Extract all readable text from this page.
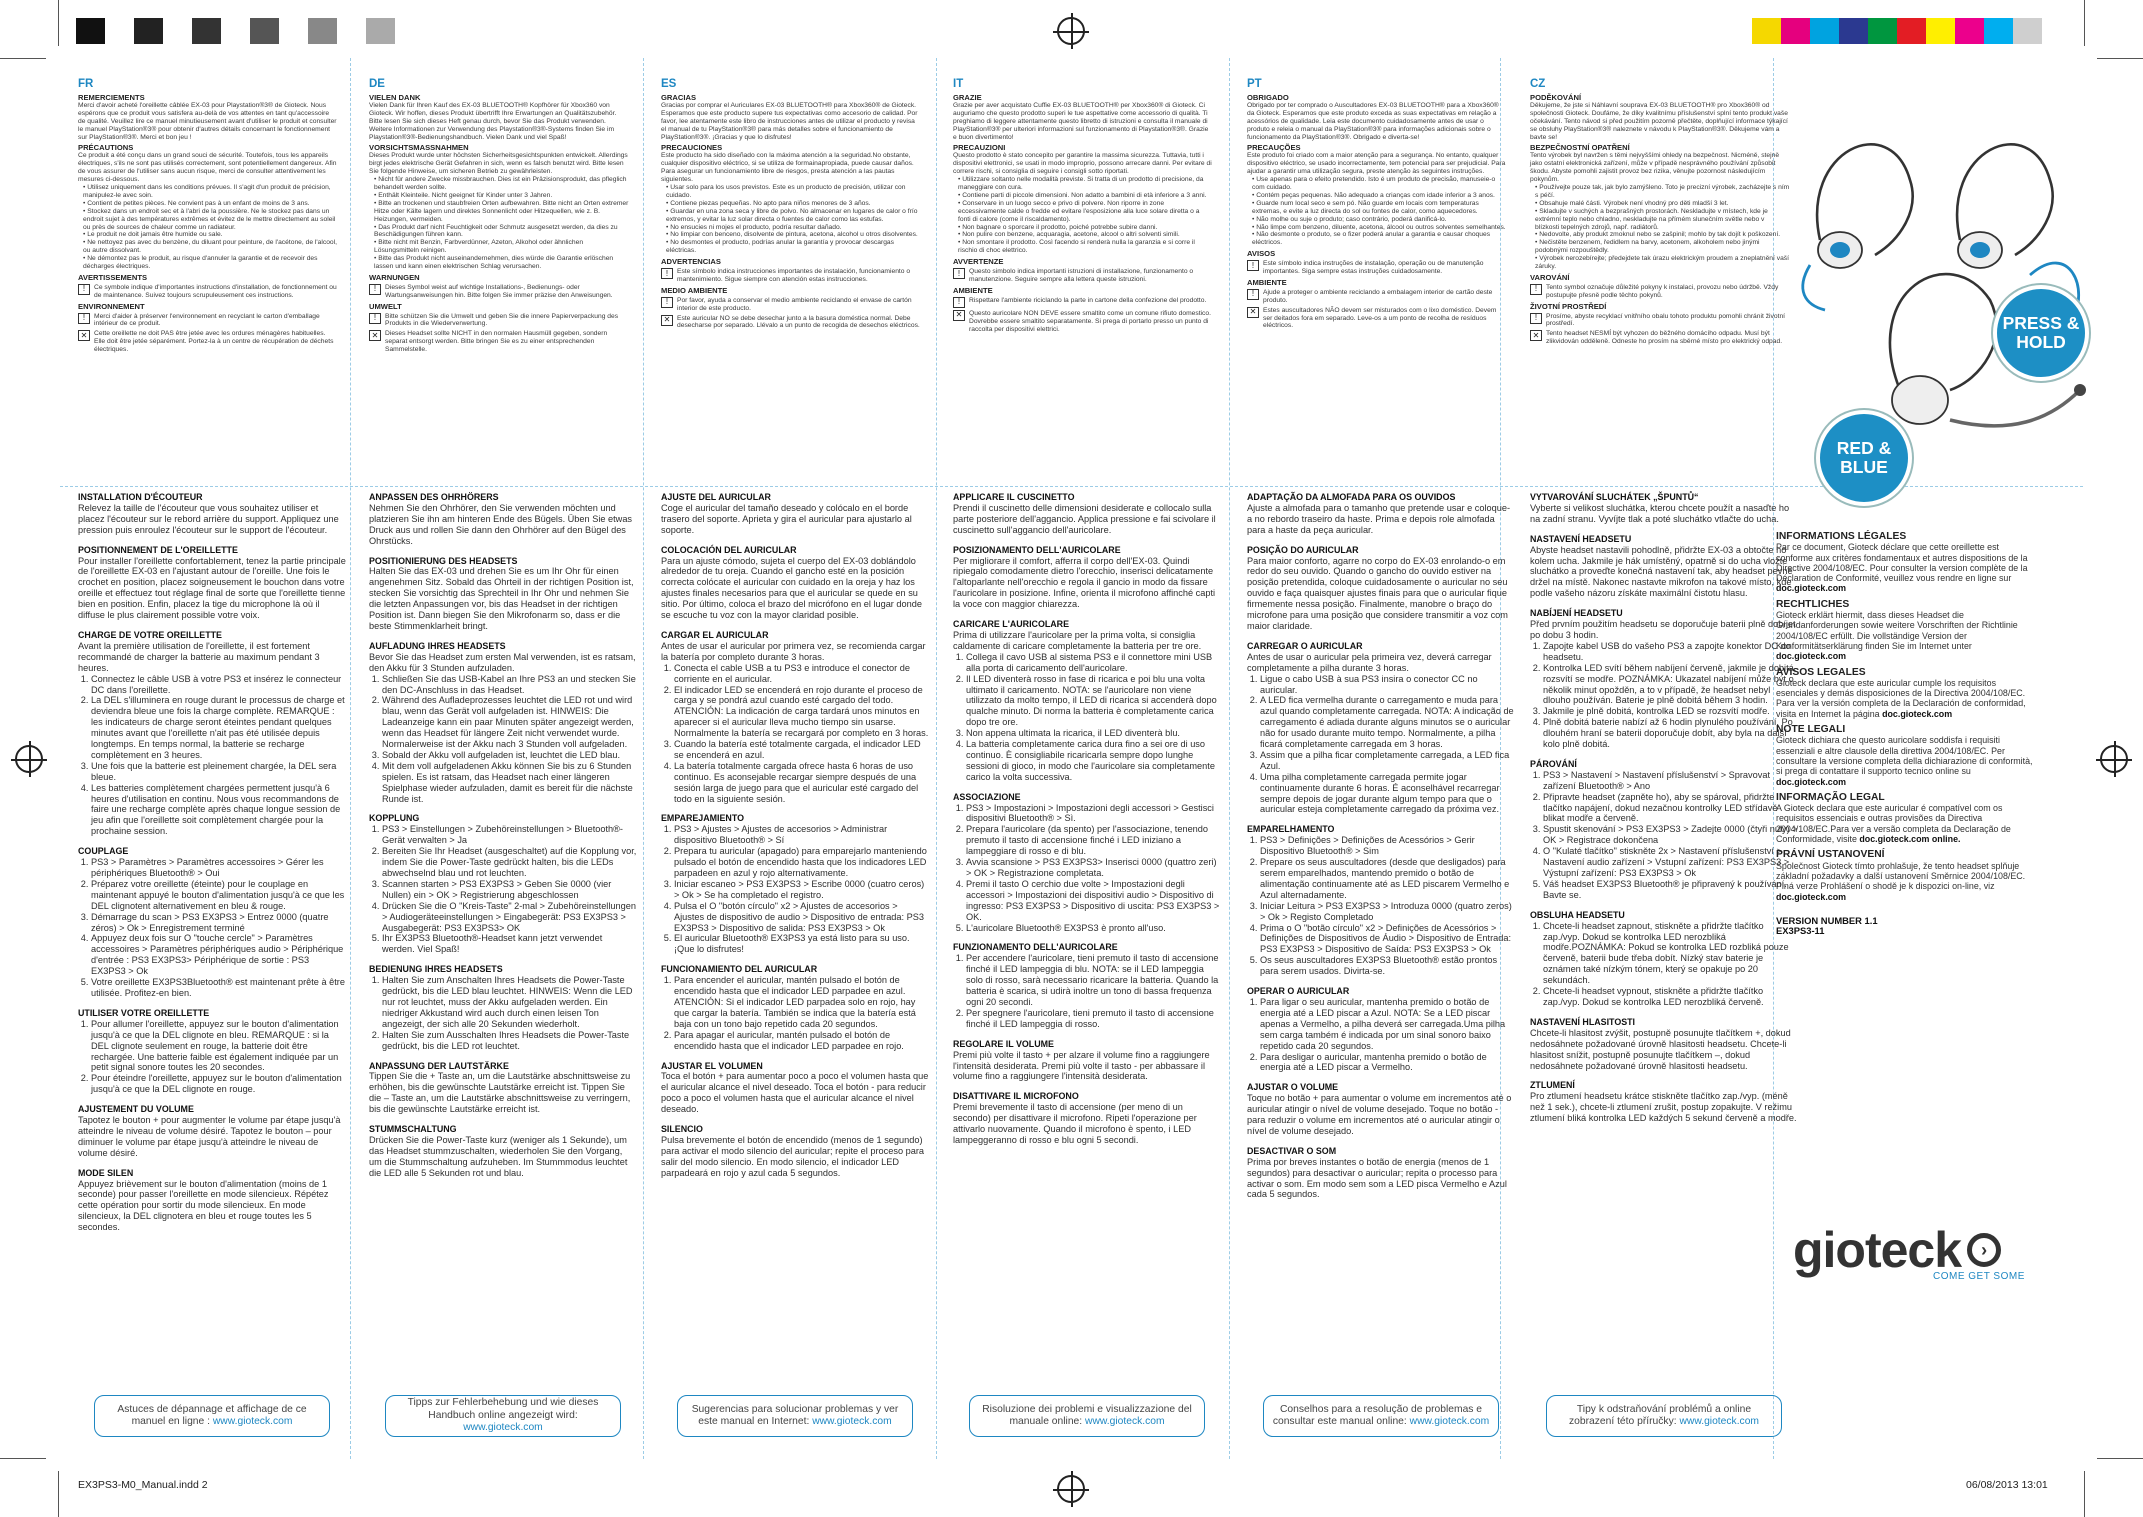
FR
REMERCIEMENTS

Merci d'avoir acheté l'oreillette câblée EX-03 pour Playstation®3® de Gioteck. Nous espérons que ce produit vous satisfera au-delà de vos attentes en tant qu'accessoire de qualité. Veuillez lire ce manuel minutieusement avant d'utiliser le produit et consulter le manuel PlayStation®3® pour obtenir d'autres détails concernant le fonctionnement sur PlayStation®3®. Merci et bon jeu !

PRÉCAUTIONS

Ce produit a été conçu dans un grand souci de sécurité. Toutefois, tous les appareils électriques, s'ils ne sont pas utilisés correctement, sont potentiellement dangereux. Afin de vous assurer de l'utiliser sans aucun risque, merci de consulter attentivement les mesures ci-dessous.

• Utilisez uniquement dans les conditions prévues. Il s'agit d'un produit de précision, manipulez-le avec soin.
• Contient de petites pièces. Ne convient pas à un enfant de moins de 3 ans.
• Stockez dans un endroit sec et à l'abri de la poussière. Ne le stockez pas dans un endroit sujet à des températures extrêmes et évitez de le mettre directement au soleil ou près de sources de chaleur comme un radiateur.
• Le produit ne doit jamais être humide ou sale.
• Ne nettoyez pas avec du benzène, du diluant pour peinture, de l'acétone, de l'alcool, ou autre dissolvant.
• Ne démontez pas le produit, au risque d'annuler la garantie et de recevoir des décharges électriques.
AVERTISSEMENTS
!	Ce symbole indique d'importantes instructions d'installation, de fonctionnement ou de maintenance. Suivez toujours scrupuleusement ces instructions.
ENVIRONNEMENT
!	Merci d'aider à préserver l'environnement en recyclant le carton d'emballage intérieur de ce produit.
✕ Cette oreillette ne doit PAS être jetée avec les ordures ménagères habituelles. Elle doit être jetée séparément. Portez-la à un centre de récupération de déchets électriques.
DE
VIELEN DANK

Vielen Dank für Ihren Kauf des EX-03 BLUETOOTH® Kopfhörer für Xbox360 von Gioteck. Wir hoffen, dieses Produkt übertrifft Ihre Erwartungen an Qualitätszubehör. Bitte lesen Sie sich dieses Heft genau durch, bevor Sie das Produkt verwenden. Weitere Informationen zur Verwendung des Playstation®3®-Systems finden Sie im Playstation®3®-Bedienungshandbuch. Vielen Dank und viel Spaß!

VORSICHTSMASSNAHMEN

Dieses Produkt wurde unter höchsten Sicherheitsgesichtspunkten entwickelt. Allerdings birgt jedes elektrische Gerät Gefahren in sich, wenn es falsch benutzt wird. Bitte lesen Sie folgende Hinweise, um sicheren Betrieb zu gewährleisten.

• Nicht für andere Zwecke missbrauchen. Dies ist ein Präzisionsprodukt, das pfleglich behandelt werden sollte.
• Enthält Kleinteile. Nicht geeignet für Kinder unter 3 Jahren.
• Bitte an trockenen und staubfreien Orten aufbewahren. Bitte nicht an Orten extremer Hitze oder Kälte lagern und direktes Sonnenlicht oder Hitzequellen, wie z. B. Heizungen, vermeiden.
• Das Produkt darf nicht Feuchtigkeit oder Schmutz ausgesetzt werden, da dies zu Beschädigungen führen kann.
• Bitte nicht mit Benzin, Farbverdünner, Azeton, Alkohol oder ähnlichen Lösungsmitteln reinigen.
• Bitte das Produkt nicht auseinandernehmen, dies würde die Garantie erlöschen lassen und kann einen elektrischen Schlag verursachen.
WARNUNGEN
!	Dieses Symbol weist auf wichtige Installations-, Bedienungs- oder Wartungsanweisungen hin. Bitte folgen Sie immer präzise den Anweisungen.
UMWELT
!	Bitte schützen Sie die Umwelt und geben Sie die innere Papierverpackung des Produkts in die Wiederverwertung.
✕ Dieses Headset sollte NICHT in den normalen Hausmüll gegeben, sondern separat entsorgt werden. Bitte bringen Sie es zu einer entsprechenden Sammelstelle.
ES
GRACIAS

Gracias por comprar el Auriculares EX-03 BLUETOOTH® para Xbox360® de Gioteck. Esperamos que este producto supere tus expectativas como accesorio de calidad. Por favor, lee atentamente este libro de instrucciones antes de utilizar el producto y revisa el manual de tu PlayStation®3® para más detalles sobre el funcionamiento de PlayStation®3®. ¡Gracias y que lo disfrutes!

PRECAUCIONES

Este producto ha sido diseñado con la máxima atención a la seguridad.No obstante, cualquier dispositivo eléctrico, si se utiliza de formainapropiada, puede causar daños. Para asegurar un funcionamiento libre de riesgos, presta atención a las pautas siguientes.

• Usar solo para los usos previstos. Este es un producto de precisión, utilizar con cuidado.
• Contiene piezas pequeñas. No apto para niños menores de 3 años.
• Guardar en una zona seca y libre de polvo. No almacenar en lugares de calor o frío extremos, y evitar la luz solar directa o fuentes de calor como las estufas.
• No ensucies ni mojes el producto, podría resultar dañado.
• No limpiar con benceno, disolvente de pintura, acetona, alcohol u otros disolventes.
• No desmontes el producto, podrías anular la garantía y provocar descargas eléctricas.
ADVERTENCIAS
!	Este símbolo indica instrucciones importantes de instalación, funcionamiento o mantenimiento. Sigue siempre con atención estas instrucciones.
MEDIO AMBIENTE
!	Por favor, ayuda a conservar el medio ambiente reciclando el envase de cartón interior de este producto.
✕ Este auricular NO se debe desechar junto a la basura doméstica normal. Debe desecharse por separado. Llévalo a un punto de recogida de desechos eléctricos.
IT
GRAZIE

Grazie per aver acquistato Cuffie EX-03 BLUETOOTH® per Xbox360® di Gioteck. Ci auguriamo che questo prodotto superi le tue aspettative come accessorio di qualità. Ti preghiamo di leggere attentamente questo libretto di istruzioni e consulta il manuale di PlayStation®3® per ulteriori informazioni sul funzionamento di Playstation®3®. Grazie e buon divertimento!

PRECAUZIONI

Questo prodotto è stato concepito per garantire la massima sicurezza. Tuttavia, tutti i dispositivi elettronici, se usati in modo improprio, possono arrecare danni. Per evitare di correre rischi, si consiglia di seguire i consigli sotto riportati.

• Utilizzare soltanto nelle modalità previste. Si tratta di un prodotto di precisione, da maneggiare con cura.
• Contiene parti di piccole dimensioni. Non adatto a bambini di età inferiore a 3 anni.
• Conservare in un luogo secco e privo di polvere. Non riporre in zone eccessivamente calde o fredde ed evitare l'esposizione alla luce solare diretta o a fonti di calore (come il riscaldamento).
• Non bagnare o sporcare il prodotto, poiché potrebbe subire danni.
• Non pulire con benzene, acquaragia, acetone, alcool o altri solventi simili.
• Non smontare il prodotto. Così facendo si renderà nulla la garanzia e si corre il rischio di choc elettrico.
AVVERTENZE
!	Questo simbolo indica importanti istruzioni di installazione, funzionamento o manutenzione. Seguire sempre alla lettera queste istruzioni.
AMBIENTE
!	Rispettare l'ambiente riciclando la parte in cartone della confezione del prodotto.
✕ Questo auricolare NON DEVE essere smaltito come un comune rifiuto domestico. Dovrebbe essere smaltito separatamente. Si prega di portarlo presso un punto di raccolta per dispositivi elettrici.
PT
OBRIGADO

Obrigado por ter comprado o Auscultadores EX-03 BLUETOOTH® para a Xbox360® da Gioteck. Esperamos que este produto exceda as suas expectativas em relação a acessórios de qualidade. Leia este documento cuidadosamente antes de usar o produto e releia o manual da PlayStation®3® para informações adicionais sobre o funcionamento da PlayStation®3®. Obrigado e diverta-se!

PRECAUÇÕES

Este produto foi criado com a maior atenção para a segurança. No entanto, qualquer dispositivo eléctrico, se usado incorrectamente, tem potencial para ser prejudicial. Para ajudar a garantir uma utilização segura, preste atenção às seguintes instruções.

• Use apenas para o efeito pretendido. Isto é um produto de precisão, manuseie-o com cuidado.
• Contém peças pequenas. Não adequado a crianças com idade inferior a 3 anos.
• Guarde num local seco e sem pó. Não guarde em locais com temperaturas extremas, e evite a luz directa do sol ou fontes de calor, como aquecedores.
• Não molhe ou suje o produto; caso contrário, poderá danificá-lo.
• Não limpe com benzeno, diluente, acetona, álcool ou outros solventes semelhantes.
• Não desmonte o produto, se o fizer poderá anular a garantia e causar choques eléctricos.
AVISOS
!	Este símbolo indica instruções de instalação, operação ou de manutenção importantes. Siga sempre estas instruções cuidadosamente.
AMBIENTE
!	Ajude a proteger o ambiente reciclando a embalagem interior de cartão deste produto.
✕ Estes auscultadores NÃO devem ser misturados com o lixo doméstico. Devem ser deitados fora em separado. Leve-os a um ponto de recolha de resíduos eléctricos.
CZ
PODĚKOVÁNÍ

Děkujeme, že jste si Náhlavní souprava EX-03 BLUETOOTH® pro Xbox360® od společnosti Gioteck. Doufáme, že díky kvalitnímu příslušenství splní tento produkt vaše očekávání. Tento návod si před použitím pozorně přečtěte, doplňující informace týkající se obsluhy PlayStation®3® naleznete v návodu k PlayStation®3®. Děkujeme vám a bavte se!

BEZPEČNOSTNÍ OPATŘENÍ

Tento výrobek byl navržen s těmi nejvyššími ohledy na bezpečnost. Nicméně, stejně jako ostatní elektronická zařízení, může v případě nesprávného používání způsobit škodu. Abyste pomohli zajistit provoz bez rizika, věnujte pozornost následujícím pokynům.

• Používejte pouze tak, jak bylo zamýšleno. Toto je precizní výrobek, zacházejte s ním s péčí.
• Obsahuje malé části. Výrobek není vhodný pro děti mladší 3 let.
• Skladujte v suchých a bezprašných prostorách. Neskladujte v místech, kde je extrémní teplo nebo chladno, neskladujte na přímém slunečním světle nebo v blízkosti tepelných zdrojů, např. radiátorů.
• Nedovolte, aby produkt zmoknul nebo se zašpinil; mohlo by tak dojít k poškození.
• Nečistěte benzenem, ředidlem na barvy, acetonem, alkoholem nebo jinými podobnými rozpouštědly.
• Výrobek nerozebírejte; předejdete tak úrazu elektrickým proudem a zneplatnění vaší záruky.
VAROVÁNÍ
!	Tento symbol označuje důležité pokyny k instalaci, provozu nebo údržbě. Vždy postupujte přesně podle těchto pokynů.
ŽIVOTNÍ PROSTŘEDÍ
!	Prosíme, abyste recyklací vnitřního obalu tohoto produktu pomohli chránit životní prostředí.
✕ Tento headset NESMÍ být vyhozen do běžného domácího odpadu. Musí být zlikvidován odděleně. Odneste ho prosím na sběrné místo pro elektrický odpad.
INSTALLATION D'ÉCOUTEUR

Relevez la taille de l'écouteur que vous souhaitez utiliser et placez l'écouteur sur le rebord arrière du support. Appliquez une pression puis enroulez l'écouteur sur le support de l'écouteur.

POSITIONNEMENT DE L'OREILLETTE

Pour installer l'oreillette confortablement, tenez la partie principale de l'oreillette EX-03 en l'ajustant autour de l'oreille. Une fois le crochet en position, placez soigneusement le bouchon dans votre oreille et effectuez tout réglage final de sorte que l'oreillette tienne bien en position. Enfin, placez la tige du microphone là où il diffuse le plus clairement possible votre voix.

CHARGE DE VOTRE OREILLETTE

Avant la première utilisation de l'oreillette, il est fortement recommandé de charger la batterie au maximum pendant 3 heures.

1. Connectez le câble USB à votre PS3 et insérez le connecteur DC dans l'oreillette.
2. La DEL s'illuminera en rouge durant le processus de charge et deviendra bleue une fois la charge complète. REMARQUE : les indicateurs de charge seront éteintes pendant quelques minutes avant que l'oreillette n'ait pas été utilisée depuis longtemps. En temps normal, la batterie se recharge complètement en 3 heures.
3. Une fois que la batterie est pleinement chargée, la DEL sera bleue.
4. Les batteries complètement chargées permettent jusqu'à 6 heures d'utilisation en continu. Nous vous recommandons de faire une recharge complète après chaque longue session de jeu afin que l'oreillette soit complètement chargée pour la prochaine session.
COUPLAGE
1. PS3 > Paramètres > Paramètres accessoires > Gérer les périphériques Bluetooth® > Oui
2. Préparez votre oreillette (éteinte) pour le couplage en maintenant appuyé le bouton d'alimentation jusqu'à ce que les DEL clignotent alternativement en bleu & rouge.
3. Démarrage du scan > PS3 EX3PS3 > Entrez 0000 (quatre zéros) > Ok > Enregistrement terminé
4. Appuyez deux fois sur O "touche cercle" > Paramètres accessoires > Paramètres périphériques audio > Périphérique d'entrée : PS3 EX3PS3> Périphérique de sortie : PS3 EX3PS3 > Ok
5. Votre oreillette EX3PS3Bluetooth® est maintenant prête à être utilisée. Profitez-en bien.
UTILISER VOTRE OREILLETTE
1. Pour allumer l'oreillette, appuyez sur le bouton d'alimentation jusqu'à ce que la DEL clignote en bleu. REMARQUE : si la DEL clignote seulement en rouge, la batterie doit être rechargée. Une batterie faible est également indiquée par un petit signal sonore toutes les 20 secondes.
2. Pour éteindre l'oreillette, appuyez sur le bouton d'alimentation jusqu'à ce que la DEL clignote en rouge.
AJUSTEMENT DU VOLUME

Tapotez le bouton + pour augmenter le volume par étape jusqu'à atteindre le niveau de volume désiré. Tapotez le bouton – pour diminuer le volume par étape jusqu'à atteindre le niveau de volume désiré.

MODE SILEN

Appuyez brièvement sur le bouton d'alimentation (moins de 1 seconde) pour passer l'oreillette en mode silencieux. Répétez cette opération pour sortir du mode silencieux. En mode silencieux, la DEL clignotera en bleu et rouge toutes les 5 secondes.

ANPASSEN DES OHRHÖRERS

Nehmen Sie den Ohrhörer, den Sie verwenden möchten und platzieren Sie ihn am hinteren Ende des Bügels. Üben Sie etwas Druck aus und rollen Sie dann den Ohrhörer auf den Bügel des Ohrstücks.

POSITIONIERUNG DES HEADSETS

Halten Sie das EX-03 und drehen Sie es um Ihr Ohr für einen angenehmen Sitz. Sobald das Ohrteil in der richtigen Position ist, stecken Sie vorsichtig das Sprechteil in Ihr Ohr und nehmen Sie die letzten Anpassungen vor, bis das Headset in der richtigen Position ist. Dann biegen Sie den Mikrofonarm so, dass er die beste Stimmenklarheit bringt.

AUFLADUNG IHRES HEADSETS

Bevor Sie das Headset zum ersten Mal verwenden, ist es ratsam, den Akku für 3 Stunden aufzuladen.

1. Schließen Sie das USB-Kabel an Ihre PS3 an und stecken Sie den DC-Anschluss in das Headset.
2. Während des Aufladeprozesses leuchtet die LED rot und wird blau, wenn das Gerät voll aufgeladen ist. HINWEIS: Die Ladeanzeige kann ein paar Minuten später angezeigt werden, wenn das Headset für längere Zeit nicht verwendet wurde. Normalerweise ist der Akku nach 3 Stunden voll aufgeladen.
3. Sobald der Akku voll aufgeladen ist, leuchtet die LED blau.
4. Mit dem voll aufgeladenen Akku können Sie bis zu 6 Stunden spielen. Es ist ratsam, das Headset nach einer längeren Spielphase wieder aufzuladen, damit es bereit für die nächste Runde ist.
KOPPLUNG
1. PS3 > Einstellungen > Zubehöreinstellungen > Bluetooth®-Gerät verwalten > Ja
2. Bereiten Sie Ihr Headset (ausgeschaltet) auf die Kopplung vor, indem Sie die Power-Taste gedrückt halten, bis die LEDs abwechselnd blau und rot leuchten.
3. Scannen starten > PS3 EX3PS3 > Geben Sie 0000 (vier Nullen) ein > OK > Registrierung abgeschlossen
4. Drücken Sie die O "Kreis-Taste" 2-mal > Zubehöreinstellungen > Audiogeräteeinstellungen > Eingabegerät: PS3 EX3PS3 > Ausgabegerät: PS3 EX3PS3> OK
5. Ihr EX3PS3 Bluetooth®-Headset kann jetzt verwendet werden. Viel Spaß!
BEDIENUNG IHRES HEADSETS
1. Halten Sie zum Anschalten Ihres Headsets die Power-Taste gedrückt, bis die LED blau leuchtet. HINWEIS: Wenn die LED nur rot leuchtet, muss der Akku aufgeladen werden. Ein niedriger Akkustand wird auch durch einen leisen Ton angezeigt, der sich alle 20 Sekunden wiederholt.
2. Halten Sie zum Ausschalten Ihres Headsets die Power-Taste gedrückt, bis die LED rot leuchtet.
ANPASSUNG DER LAUTSTÄRKE

Tippen Sie die + Taste an, um die Lautstärke abschnittsweise zu erhöhen, bis die gewünschte Lautstärke erreicht ist. Tippen Sie die – Taste an, um die Lautstärke abschnittsweise zu verringern, bis die gewünschte Lautstärke erreicht ist.

STUMMSCHALTUNG

Drücken Sie die Power-Taste kurz (weniger als 1 Sekunde), um das Headset stummzuschalten, wiederholen Sie den Vorgang, um die Stummschaltung aufzuheben. Im Stummmodus leuchtet die LED alle 5 Sekunden rot und blau.

AJUSTE DEL AURICULAR

Coge el auricular del tamaño deseado y colócalo en el borde trasero del soporte. Aprieta y gira el auricular para ajustarlo al soporte.

COLOCACIÓN DEL AURICULAR

Para un ajuste cómodo, sujeta el cuerpo del EX-03 doblándolo alrededor de tu oreja. Cuando el gancho esté en la posición correcta colócate el auricular con cuidado en la oreja y haz los ajustes finales necesarios para que el auricular se quede en su sitio. Por último, coloca el brazo del micrófono en el lugar donde se escuche tu voz con la mayor claridad posible.

CARGAR EL AURICULAR

Antes de usar el auricular por primera vez, se recomienda cargar la batería por completo durante 3 horas.

1. Conecta el cable USB a tu PS3 e introduce el conector de corriente en el auricular.
2. El indicador LED se encenderá en rojo durante el proceso de carga y se pondrá azul cuando esté cargado del todo. ATENCIÓN: La indicación de carga tardará unos minutos en aparecer si el auricular lleva mucho tiempo sin usarse. Normalmente la batería se recargará por completo en 3 horas.
3. Cuando la batería esté totalmente cargada, el indicador LED se encenderá en azul.
4. La batería totalmente cargada ofrece hasta 6 horas de uso continuo. Es aconsejable recargar siempre después de una sesión larga de juego para que el auricular esté cargado del todo en la siguiente sesión.
EMPAREJAMIENTO
1. PS3 > Ajustes > Ajustes de accesorios > Administrar dispositivo Bluetooth® > Sí
2. Prepara tu auricular (apagado) para emparejarlo manteniendo pulsado el botón de encendido hasta que los indicadores LED parpadeen en azul y rojo alternativamente.
3. Iniciar escaneo > PS3 EX3PS3 > Escribe 0000 (cuatro ceros) > Ok > Se ha completado el registro.
4. Pulsa el O "botón círculo" x2 > Ajustes de accesorios > Ajustes de dispositivo de audio > Dispositivo de entrada: PS3 EX3PS3 > Dispositivo de salida: PS3 EX3PS3 > Ok
5. El auricular Bluetooth® EX3PS3 ya está listo para su uso. ¡Que lo disfrutes!
FUNCIONAMIENTO DEL AURICULAR
1. Para encender el auricular, mantén pulsado el botón de encendido hasta que el indicador LED parpadee en azul. ATENCIÓN: Si el indicador LED parpadea solo en rojo, hay que cargar la batería. También se indica que la batería está baja con un tono bajo repetido cada 20 segundos.
2. Para apagar el auricular, mantén pulsado el botón de encendido hasta que el indicador LED parpadee en rojo.
AJUSTAR EL VOLUMEN

Toca el botón + para aumentar poco a poco el volumen hasta que el auricular alcance el nivel deseado. Toca el botón - para reducir poco a poco el volumen hasta que el auricular alcance el nivel deseado.

SILENCIO

Pulsa brevemente el botón de encendido (menos de 1 segundo) para activar el modo silencio del auricular; repite el proceso para salir del modo silencio. En modo silencio, el indicador LED parpadeará en rojo y azul cada 5 segundos.

APPLICARE IL CUSCINETTO

Prendi il cuscinetto delle dimensioni desiderate e collocalo sulla parte posteriore dell'aggancio. Applica pressione e fai scivolare il cuscinetto sull'aggancio dell'auricolare.

POSIZIONAMENTO DELL'AURICOLARE

Per migliorare il comfort, afferra il corpo dell'EX-03. Quindi ripiegalo comodamente dietro l'orecchio, inserisci delicatamente l'altoparlante nell'orecchio e regola il gancio in modo da fissare l'auricolare in posizione. Infine, orienta il microfono affinché capti la voce con maggior chiarezza.

CARICARE L'AURICOLARE

Prima di utilizzare l'auricolare per la prima volta, si consiglia caldamente di caricare completamente la batteria per tre ore.

1. Collega il cavo USB al sistema PS3 e il connettore mini USB alla porta di caricamento dell'auricolare.
2. Il LED diventerà rosso in fase di ricarica e poi blu una volta ultimato il caricamento. NOTA: se l'auricolare non viene utilizzato da molto tempo, il LED di ricarica si accenderà dopo qualche minuto. Di norma la batteria è completamente carica dopo tre ore.
3. Non appena ultimata la ricarica, il LED diventerà blu.
4. La batteria completamente carica dura fino a sei ore di uso continuo. È consigliabile ricaricarla sempre dopo lunghe sessioni di gioco, in modo che l'auricolare sia completamente carico la volta successiva.
ASSOCIAZIONE
1. PS3 > Impostazioni > Impostazioni degli accessori > Gestisci dispositivi Bluetooth® > Sì.
2. Prepara l'auricolare (da spento) per l'associazione, tenendo premuto il tasto di accensione finché i LED iniziano a lampeggiare di rosso e di blu.
3. Avvia scansione > PS3 EX3PS3> Inserisci 0000 (quattro zeri) > OK > Registrazione completata.
4. Premi il tasto O cerchio due volte > Impostazioni degli accessori > Impostazioni dei dispositivi audio > Dispositivo di ingresso: PS3 EX3PS3 > Dispositivo di uscita: PS3 EX3PS3 > OK.
5. L'auricolare Bluetooth® EX3PS3 è pronto all'uso.
FUNZIONAMENTO DELL'AURICOLARE
1. Per accendere l'auricolare, tieni premuto il tasto di accensione finché il LED lampeggia di blu. NOTA: se il LED lampeggia solo di rosso, sarà necessario ricaricare la batteria. Quando la batteria è scarica, si udirà inoltre un tono di bassa frequenza ogni 20 secondi.
2. Per spegnere l'auricolare, tieni premuto il tasto di accensione finché il LED lampeggia di rosso.
REGOLARE IL VOLUME

Premi più volte il tasto + per alzare il volume fino a raggiungere l'intensità desiderata. Premi più volte il tasto - per abbassare il volume fino a raggiungere l'intensità desiderata.

DISATTIVARE IL MICROFONO

Premi brevemente il tasto di accensione (per meno di un secondo) per disattivare il microfono. Ripeti l'operazione per attivarlo nuovamente. Quando il microfono è spento, i LED lampeggeranno di rosso e blu ogni 5 secondi.

ADAPTAÇÃO DA ALMOFADA PARA OS OUVIDOS

Ajuste a almofada para o tamanho que pretende usar e coloque-a no rebordo traseiro da haste. Prima e depois role almofada para a haste da peça auricular.

POSIÇÃO DO AURICULAR

Para maior conforto, agarre no corpo do EX-03 enrolando-o em redor do seu ouvido. Quando o gancho do ouvido estiver na posição pretendida, coloque cuidadosamente o auricular no seu ouvido e faça quaisquer ajustes finais para que o auricular fique firmemente nessa posição. Finalmente, manobre o braço do microfone para uma posição que considere transmitir a voz com maior claridade.

CARREGAR O AURICULAR

Antes de usar o auricular pela primeira vez, deverá carregar completamente a pilha durante 3 horas.

1. Ligue o cabo USB à sua PS3 insira o conector CC no auricular.
2. A LED fica vermelha durante o carregamento e muda para azul quando completamente carregada. NOTA: A indicação de carregamento é adiada durante alguns minutos se o auricular não for usado durante muito tempo. Normalmente, a pilha ficará completamente carregada em 3 horas.
3. Assim que a pilha ficar completamente carregada, a LED fica Azul.
4. Uma pilha completamente carregada permite jogar continuamente durante 6 horas. É aconselhável recarregar sempre depois de jogar durante algum tempo para que o auricular esteja completamente carregado da próxima vez.
EMPARELHAMENTO
1. PS3 > Definições > Definições de Acessórios > Gerir Dispositivo Bluetooth® > Sim
2. Prepare os seus auscultadores (desde que desligados) para serem emparelhados, mantendo premido o botão de alimentação continuamente até as LED piscarem Vermelho e Azul alternadamente.
3. Iniciar Leitura > PS3 EX3PS3 > Introduza 0000 (quatro zeros) > Ok > Registo Completado
4. Prima o O "botão círculo" x2 > Definições de Acessórios > Definições de Dispositivos de Áudio > Dispositivo de Entrada: PS3 EX3PS3 > Dispositivo de Saída: PS3 EX3PS3 > Ok
5. Os seus auscultadores EX3PS3 Bluetooth® estão prontos para serem usados. Divirta-se.
OPERAR O AURICULAR
1. Para ligar o seu auricular, mantenha premido o botão de energia até a LED piscar a Azul. NOTA: Se a LED piscar apenas a Vermelho, a pilha deverá ser carregada.Uma pilha sem carga também é indicada por um sinal sonoro baixo repetido cada 20 segundos.
2. Para desligar o auricular, mantenha premido o botão de energia até a LED piscar a Vermelho.
AJUSTAR O VOLUME

Toque no botão + para aumentar o volume em incrementos até o auricular atingir o nível de volume desejado. Toque no botão - para reduzir o volume em incrementos até o auricular atingir o nível de volume desejado.

DESACTIVAR O SOM

Prima por breves instantes o botão de energia (menos de 1 segundos) para desactivar o auricular; repita o processo para activar o som. Em modo sem som a LED pisca Vermelho e Azul cada 5 segundos.

VYTVAROVÁNÍ SLUCHÁTEK „ŠPUNTŮ“

Vyberte si velikost sluchátka, kterou chcete použít a nasaďte ho na zadní stranu. Vyvíjte tlak a poté sluchátko vtlačte do ucha.

NASTAVENÍ HEADSETU

Abyste headset nastavili pohodlně, přidržte EX-03 a obtočte ho kolem ucha. Jakmile je hák umístěný, opatrně si do ucha vložte sluchátko a proveďte konečná nastavení tak, aby headset pevně držel na místě. Nakonec nastavte mikrofon na takové místo, kde podle vašeho názoru získáte maximální čistotu hlasu.

NABÍJENÍ HEADSETU

Před prvním použitím headsetu se doporučuje baterii plně dobíjet po dobu 3 hodin.

1. Zapojte kabel USB do vašeho PS3 a zapojte konektor DC do headsetu.
2. Kontrolka LED svítí během nabíjení červeně, jakmile je dobitá, rozsvítí se modře. POZNÁMKA: Ukazatel nabíjení může být o několik minut opožděn, a to v případě, že headset nebyl dlouho používán. Baterie je plně dobitá během 3 hodin.
3. Jakmile je plně dobitá, kontrolka LED se rozsvítí modře.
4. Plně dobitá baterie nabízí až 6 hodin plynulého používání. Po dlouhém hraní se baterii doporučuje dobít, aby byla na další kolo plně dobitá.
PÁROVÁNÍ
1. PS3 > Nastavení > Nastavení příslušenství > Spravovat zařízení Bluetooth® > Ano
2. Připravte headset (zapněte ho), aby se spároval, přidržte tlačítko napájení, dokud nezačnou kontrolky LED střídavě blikat modře a červeně.
3. Spustit skenování > PS3 EX3PS3 > Zadejte 0000 (čtyři nuly) > OK > Registrace dokončena
4. O "Kulaté tlačítko" stiskněte 2x > Nastavení příslušenství > Nastavení audio zařízení > Vstupní zařízení: PS3 EX3PS3 > Výstupní zařízení: PS3 EX3PS3 > Ok
5. Váš headset EX3PS3 Bluetooth® je připravený k používání. Bavte se.
OBSLUHA HEADSETU
1. Chcete-li headset zapnout, stiskněte a přidržte tlačítko zap./vyp. Dokud se kontrolka LED nerozbliká modře.POZNÁMKA: Pokud se kontrolka LED rozbliká pouze červeně, baterii bude třeba dobít. Nízký stav baterie je oznámen také nízkým tónem, který se opakuje po 20 sekundách.
2. Chcete-li headset vypnout, stiskněte a přidržte tlačítko zap./vyp. Dokud se kontrolka LED nerozbliká červeně.
NASTAVENÍ HLASITOSTI

Chcete-li hlasitost zvýšit, postupně posunujte tlačítkem +, dokud nedosáhnete požadované úrovně hlasitosti headsetu. Chcete-li hlasitost snížit, postupně posunujte tlačítkem –, dokud nedosáhnete požadované úrovně hlasitosti headsetu.

ZTLUMENÍ

Pro ztlumení headsetu krátce stiskněte tlačítko zap./vyp. (méně než 1 sek.), chcete-li ztlumení zrušit, postup zopakujte. V režimu ztlumení bliká kontrolka LED každých 5 sekund červeně a modře.

Astuces de dépannage et affichage de ce manuel en ligne : www.gioteck.com
Tipps zur Fehlerbehebung und wie dieses Handbuch online angezeigt wird: www.gioteck.com
Sugerencias para solucionar problemas y ver este manual en Internet: www.gioteck.com
Risoluzione dei problemi e visualizzazione del manuale online: www.gioteck.com
Conselhos para a resolução de problemas e consultar este manual online: www.gioteck.com
Tipy k odstraňování problémů a online zobrazení této příručky: www.gioteck.com
PRESS & HOLD
RED & BLUE
INFORMATIONS LÉGALES

Par ce document, Gioteck déclare que cette oreillette est conforme aux critères fondamentaux et autres dispositions de la Directive 2004/108/EC. Pour consulter la version complète de la Déclaration de Conformité, veuillez vous rendre en ligne sur doc.gioteck.com

RECHTLICHES

Gioteck erklärt hiermit, dass dieses Headset die Grundanforderungen sowie weitere Vorschriften der Richtlinie 2004/108/EC erfüllt. Die vollständige Version der Konformitätserklärung finden Sie im Internet unter doc.gioteck.com

AVISOS LEGALES

Gioteck declara que este auricular cumple los requisitos esenciales y demás disposiciones de la Directiva 2004/108/EC. Para ver la versión completa de la Declaración de conformidad, visita en Internet la página doc.gioteck.com

NOTE LEGALI

Gioteck dichiara che questo auricolare soddisfa i requisiti essenziali e altre clausole della direttiva 2004/108/EC. Per consultare la versione completa della dichiarazione di conformità, si prega di contattare il supporto tecnico online su doc.gioteck.com

INFORMAÇÃO LEGAL

A Gioteck declara que este auricular é compatível com os requisitos essenciais e outras provisões da Directiva 2004/108/EC.Para ver a versão completa da Declaração de Conformidade, visite doc.gioteck.com online.

PRÁVNÍ USTANOVENÍ

Společnost Gioteck tímto prohlašuje, že tento headset splňuje základní požadavky a další ustanovení Směrnice 2004/108/EC. Plná verze Prohlášení o shodě je k dispozici on-line, viz doc.gioteck.com

VERSION NUMBER 1.1
EX3PS3-11
gioteck	›
COME GET SOME
EX3PS3-M0_Manual.indd 2	06/08/2013 13:01
